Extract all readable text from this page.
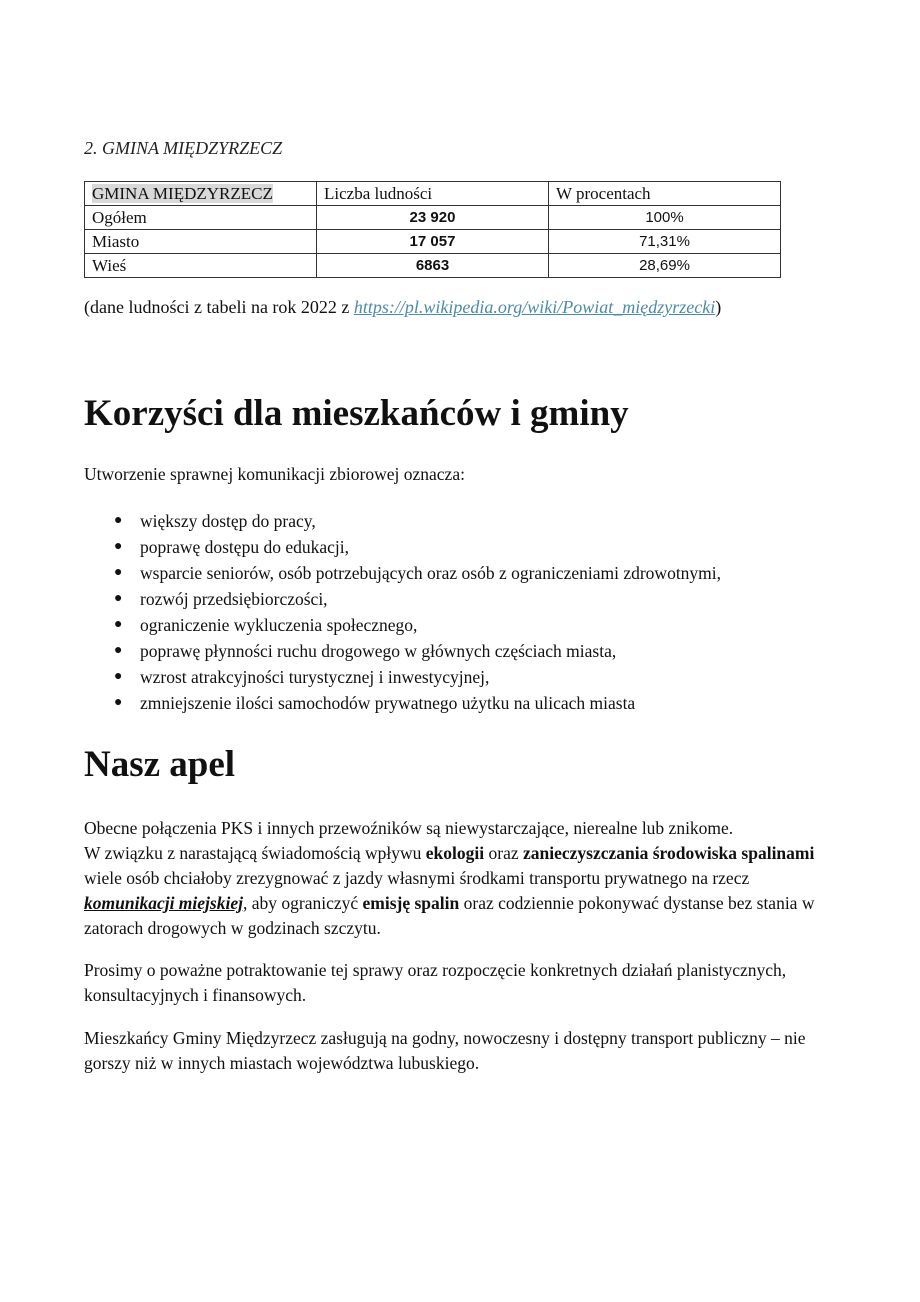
2. GMINA MIĘDZYRZECZ
GMINA MIĘDZYRZECZ	Liczba ludności	W procentach
Ogółem	23 920	100%
Miasto	17 057	71,31%
Wieś	6863	28,69%
(dane ludności z tabeli na rok 2022 z https://pl.wikipedia.org/wiki/Powiat_międzyrzecki)
Korzyści dla mieszkańców i gminy
Utworzenie sprawnej komunikacji zbiorowej oznacza:
● większy dostęp do pracy,
● poprawę dostępu do edukacji,
● wsparcie seniorów, osób potrzebujących oraz osób z ograniczeniami zdrowotnymi,
● rozwój przedsiębiorczości,
● ograniczenie wykluczenia społecznego,
● poprawę płynności ruchu drogowego w głównych częściach miasta,
● wzrost atrakcyjności turystycznej i inwestycyjnej,
● zmniejszenie ilości samochodów prywatnego użytku na ulicach miasta
Nasz apel
Obecne połączenia PKS i innych przewoźników są niewystarczające, nierealne lub znikome.
W związku z narastającą świadomością wpływu ekologii oraz zanieczyszczania środowiska spalinami wiele osób chciałoby zrezygnować z jazdy własnymi środkami transportu prywatnego na rzecz komunikacji miejskiej, aby ograniczyć emisję spalin oraz codziennie pokonywać dystanse bez stania w zatorach drogowych w godzinach szczytu.
Prosimy o poważne potraktowanie tej sprawy oraz rozpoczęcie konkretnych działań planistycznych, konsultacyjnych i finansowych.
Mieszkańcy Gminy Międzyrzecz zasługują na godny, nowoczesny i dostępny transport publiczny – nie gorszy niż w innych miastach województwa lubuskiego.
